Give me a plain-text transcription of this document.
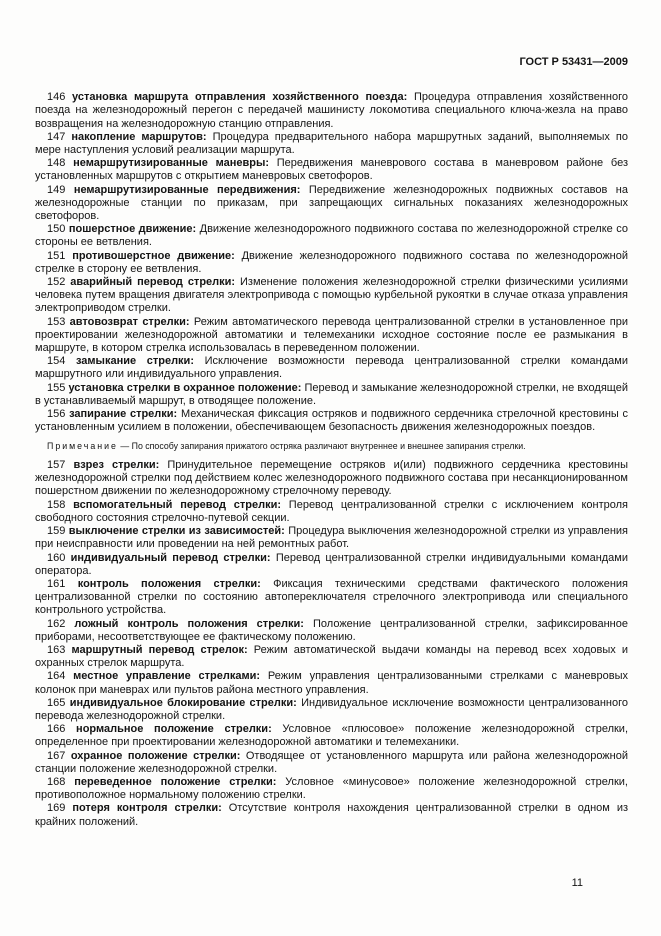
ГОСТ Р 53431—2009

146 установка маршрута отправления хозяйственного поезда: Процедура отправления хозяйственного поезда на железнодорожный перегон с передачей машинисту локомотива специального ключа-жезла на право возвращения на железнодорожную станцию отправления.

147 накопление маршрутов: Процедура предварительного набора маршрутных заданий, выполняемых по мере наступления условий реализации маршрута.

148 немаршрутизированные маневры: Передвижения маневрового состава в маневровом районе без установленных маршрутов с открытием маневровых светофоров.

149 немаршрутизированные передвижения: Передвижение железнодорожных подвижных составов на железнодорожные станции по приказам, при запрещающих сигнальных показаниях железнодорожных светофоров.

150 пошерстное движение: Движение железнодорожного подвижного состава по железнодорожной стрелке со стороны ее ветвления.

151 противошерстное движение: Движение железнодорожного подвижного состава по железнодорожной стрелке в сторону ее ветвления.

152 аварийный перевод стрелки: Изменение положения железнодорожной стрелки физическими усилиями человека путем вращения двигателя электропривода с помощью курбельной рукоятки в случае отказа управления электроприводом стрелки.

153 автовозврат стрелки: Режим автоматического перевода централизованной стрелки в установленное при проектировании железнодорожной автоматики и телемеханики исходное состояние после ее размыкания в маршруте, в котором стрелка использовалась в переведенном положении.

154 замыкание стрелки: Исключение возможности перевода централизованной стрелки командами маршрутного или индивидуального управления.

155 установка стрелки в охранное положение: Перевод и замыкание железнодорожной стрелки, не входящей в устанавливаемый маршрут, в отводящее положение.

156 запирание стрелки: Механическая фиксация остряков и подвижного сердечника стрелочной крестовины с установленным усилием в положении, обеспечивающем безопасность движения железнодорожных поездов.

Примечание — По способу запирания прижатого остряка различают внутреннее и внешнее запирания стрелки.

157 взрез стрелки: Принудительное перемещение остряков и(или) подвижного сердечника крестовины железнодорожной стрелки под действием колес железнодорожного подвижного состава при несанкционированном пошерстном движении по железнодорожному стрелочному переводу.

158 вспомогательный перевод стрелки: Перевод централизованной стрелки с исключением контроля свободного состояния стрелочно-путевой секции.

159 выключение стрелки из зависимостей: Процедура выключения железнодорожной стрелки из управления при неисправности или проведении на ней ремонтных работ.

160 индивидуальный перевод стрелки: Перевод централизованной стрелки индивидуальными командами оператора.

161 контроль положения стрелки: Фиксация техническими средствами фактического положения централизованной стрелки по состоянию автопереключателя стрелочного электропривода или специального контрольного устройства.

162 ложный контроль положения стрелки: Положение централизованной стрелки, зафиксированное приборами, несоответствующее ее фактическому положению.

163 маршрутный перевод стрелок: Режим автоматической выдачи команды на перевод всех ходовых и охранных стрелок маршрута.

164 местное управление стрелками: Режим управления централизованными стрелками с маневровых колонок при маневрах или пультов района местного управления.

165 индивидуальное блокирование стрелки: Индивидуальное исключение возможности централизованного перевода железнодорожной стрелки.

166 нормальное положение стрелки: Условное «плюсовое» положение железнодорожной стрелки, определенное при проектировании железнодорожной автоматики и телемеханики.

167 охранное положение стрелки: Отводящее от установленного маршрута или района железнодорожной станции положение железнодорожной стрелки.

168 переведенное положение стрелки: Условное «минусовое» положение железнодорожной стрелки, противоположное нормальному положению стрелки.

169 потеря контроля стрелки: Отсутствие контроля нахождения централизованной стрелки в одном из крайних положений.

11
